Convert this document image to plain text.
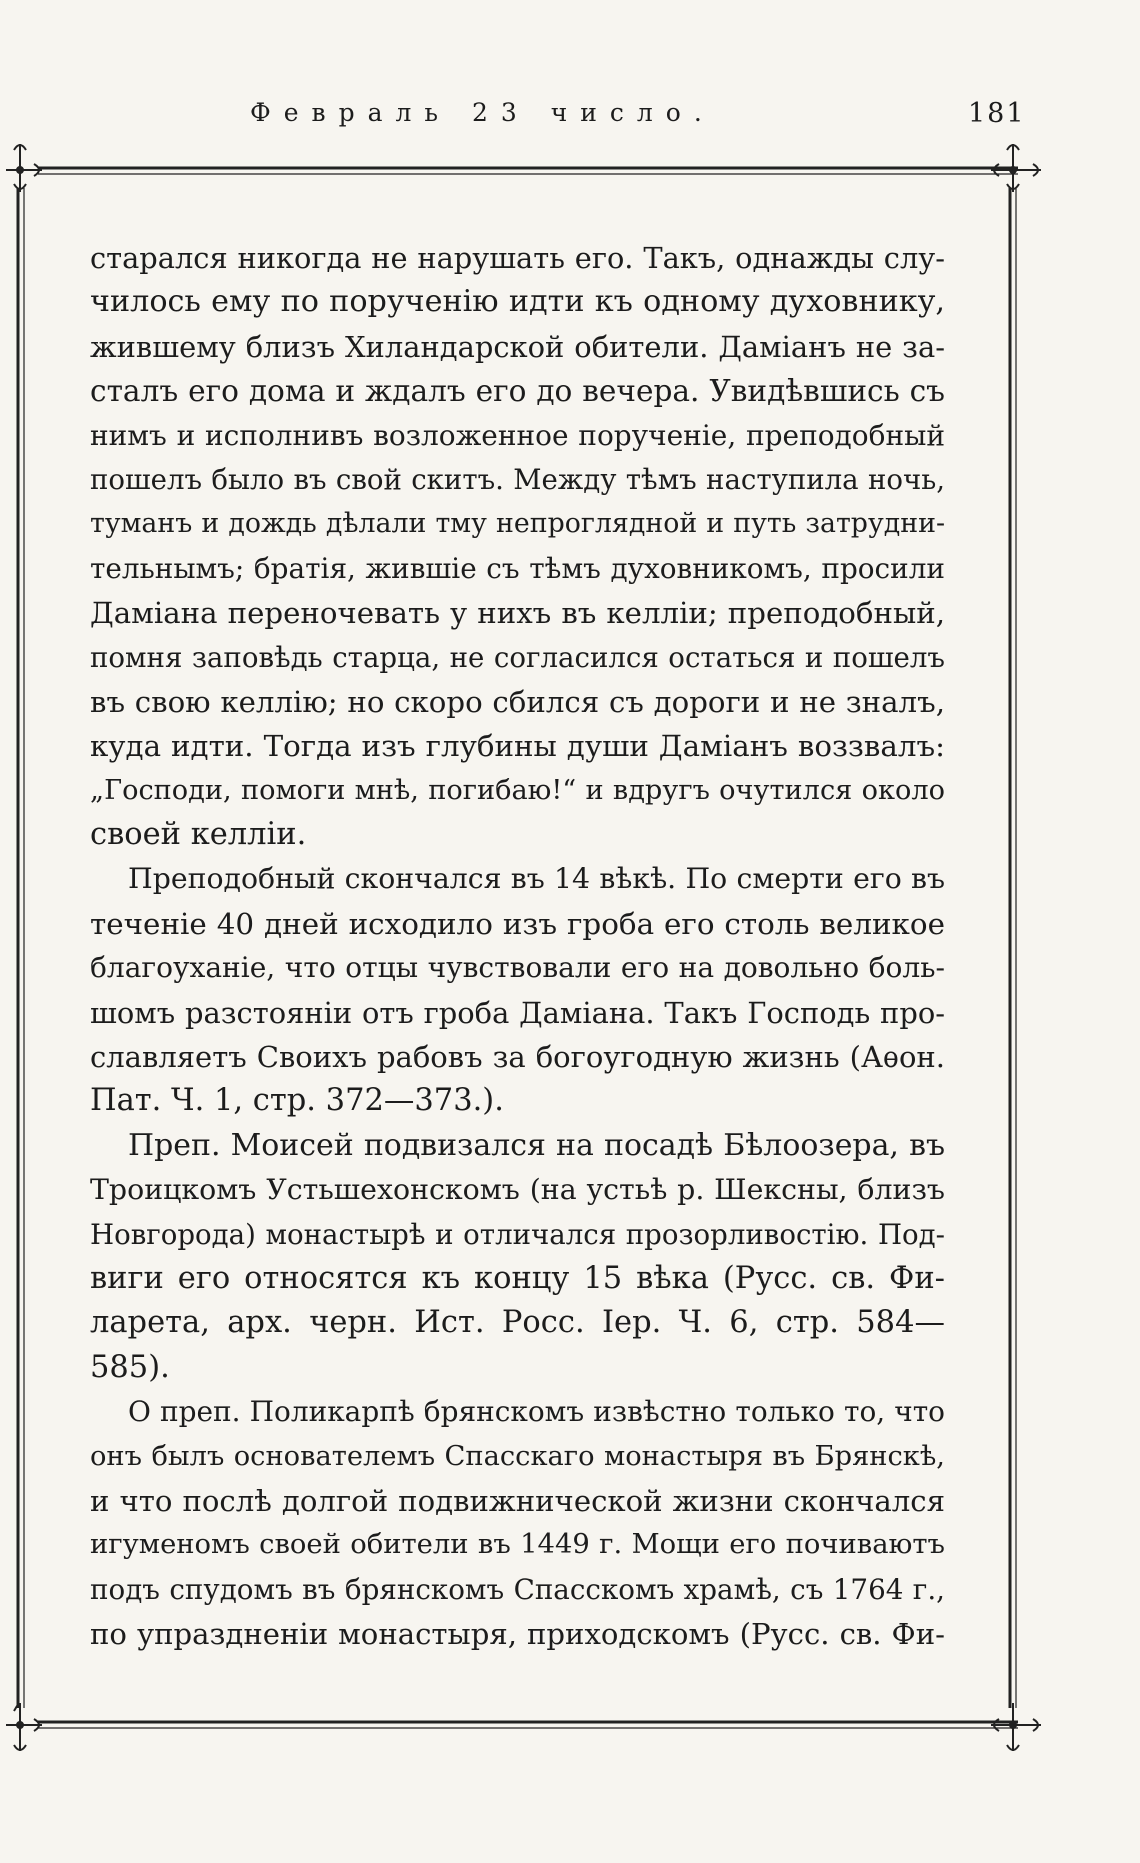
Февраль 23 число.	181
старался никогда не нарушать его. Такъ, однажды слу-
чилось ему по порученію идти къ одному духовнику,
жившему близъ Хиландарской обители. Даміанъ не за-
сталъ его дома и ждалъ его до вечера. Увидѣвшись съ
нимъ и исполнивъ возложенное порученіе, преподобный
пошелъ было въ свой скитъ. Между тѣмъ наступила ночь,
туманъ и дождь дѣлали тму непроглядной и путь затрудни-
тельнымъ; братія, жившіе съ тѣмъ духовникомъ, просили
Даміана переночевать у нихъ въ келліи; преподобный,
помня заповѣдь старца, не согласился остаться и пошелъ
въ свою келлію; но скоро сбился съ дороги и не зналъ,
куда идти. Тогда изъ глубины души Даміанъ воззвалъ:
„Господи, помоги мнѣ, погибаю!“ и вдругъ очутился около
своей келліи.
Преподобный скончался въ 14 вѣкѣ. По смерти его въ
теченіе 40 дней исходило изъ гроба его столь великое
благоуханіе, что отцы чувствовали его на довольно боль-
шомъ разстояніи отъ гроба Даміана. Такъ Господь про-
славляетъ Своихъ рабовъ за богоугодную жизнь (Аѳон.
Пат. Ч. 1, стр. 372—373.).
Преп. Моисей подвизался на посадѣ Бѣлоозера, въ
Троицкомъ Устьшехонскомъ (на устьѣ р. Шексны, близъ
Новгорода) монастырѣ и отличался прозорливостію. Под-
виги его относятся къ концу 15 вѣка (Русс. св. Фи-
ларета, арх. черн. Ист. Росс. Іер. Ч. 6, стр. 584—
585).
О преп. Поликарпѣ брянскомъ извѣстно только то, что
онъ былъ основателемъ Спасскаго монастыря въ Брянскѣ,
и что послѣ долгой подвижнической жизни скончался
игуменомъ своей обители въ 1449 г. Мощи его почиваютъ
подъ спудомъ въ брянскомъ Спасскомъ храмѣ, съ 1764 г.,
по упраздненіи монастыря, приходскомъ (Русс. св. Фи-
